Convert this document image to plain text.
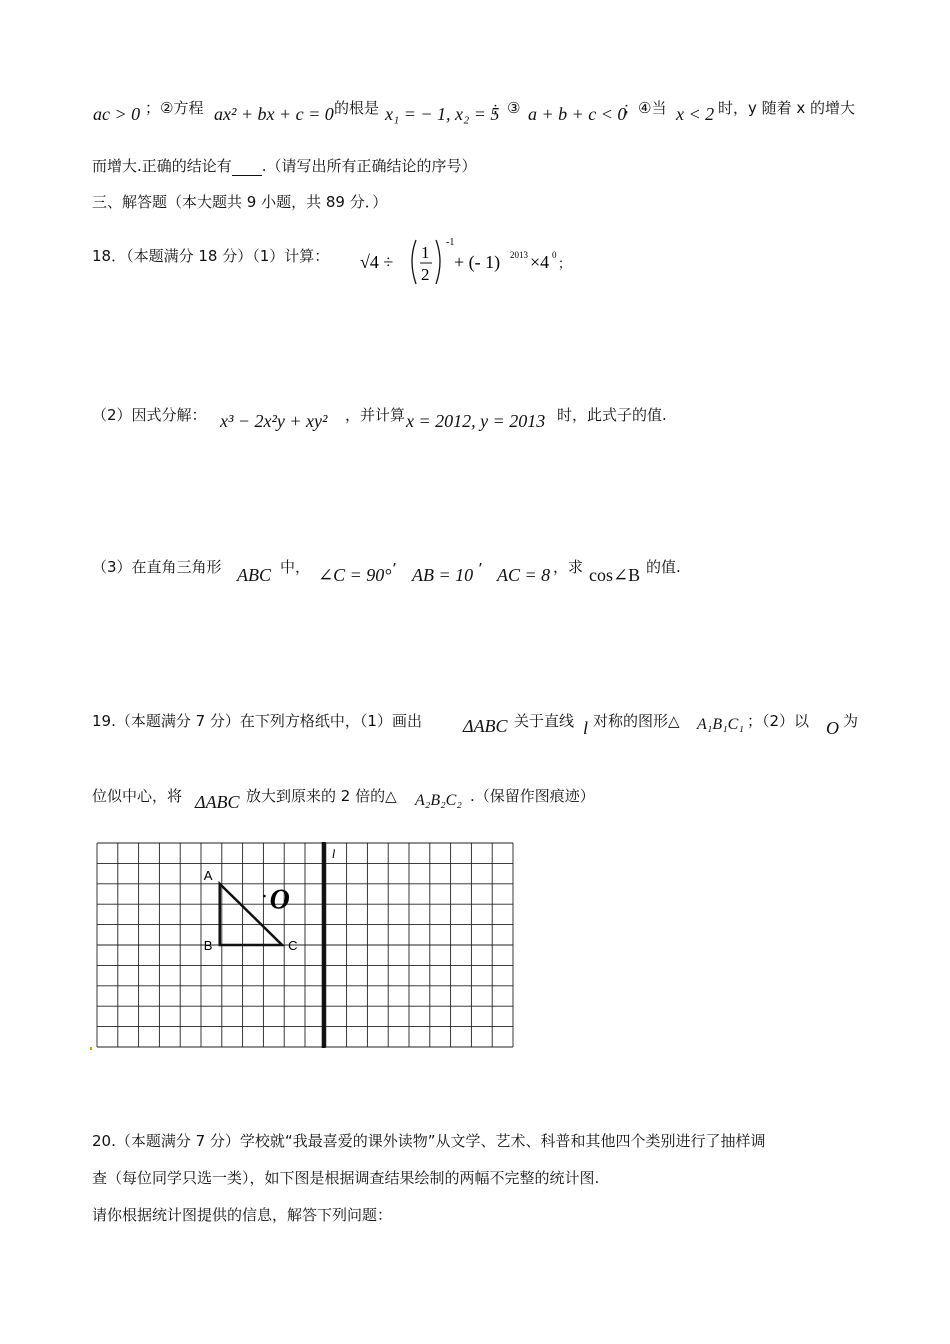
ac > 0 ；②方程 ax² + bx + c = 0 的根是 x₁ = − 1, x₂ = 5
；③ a + b + c < 0
；④当 x < 2 时，y 随着 x 的增大
而增大.正确的结论有 .（请写出所有正确结论的序号）
三、解答题（本大题共 9 小题，共 89 分．）
18．（本题满分 18 分）（1）计算： √4 ÷ 1
2
-1
+ (- 1) 2013 ×4 0
；
（2）因式分解： x³ − 2x²y + xy² ，并计算 x = 2012, y = 2013 时，此式子的值.
（3）在直角三角形 ABC 中， ∠C = 90° ’ AB = 10 ’ AC = 8 ，求 cos∠B 的值.
19.（本题满分 7 分）在下列方格纸中，（1）画出 ΔABC 关于直线 l 对称的图形△ A₁B₁C₁ ；（2）以 O 为
位似中心，将 ΔABC 放大到原来的 2 倍的△ A₂B₂C₂ .（保留作图痕迹）
A
B	C
O
l
20.（本题满分 7 分）学校就“我最喜爱的课外读物”从文学、艺术、科普和其他四个类别进行了抽样调
查（每位同学只选一类），如下图是根据调查结果绘制的两幅不完整的统计图.
请你根据统计图提供的信息，解答下列问题：
